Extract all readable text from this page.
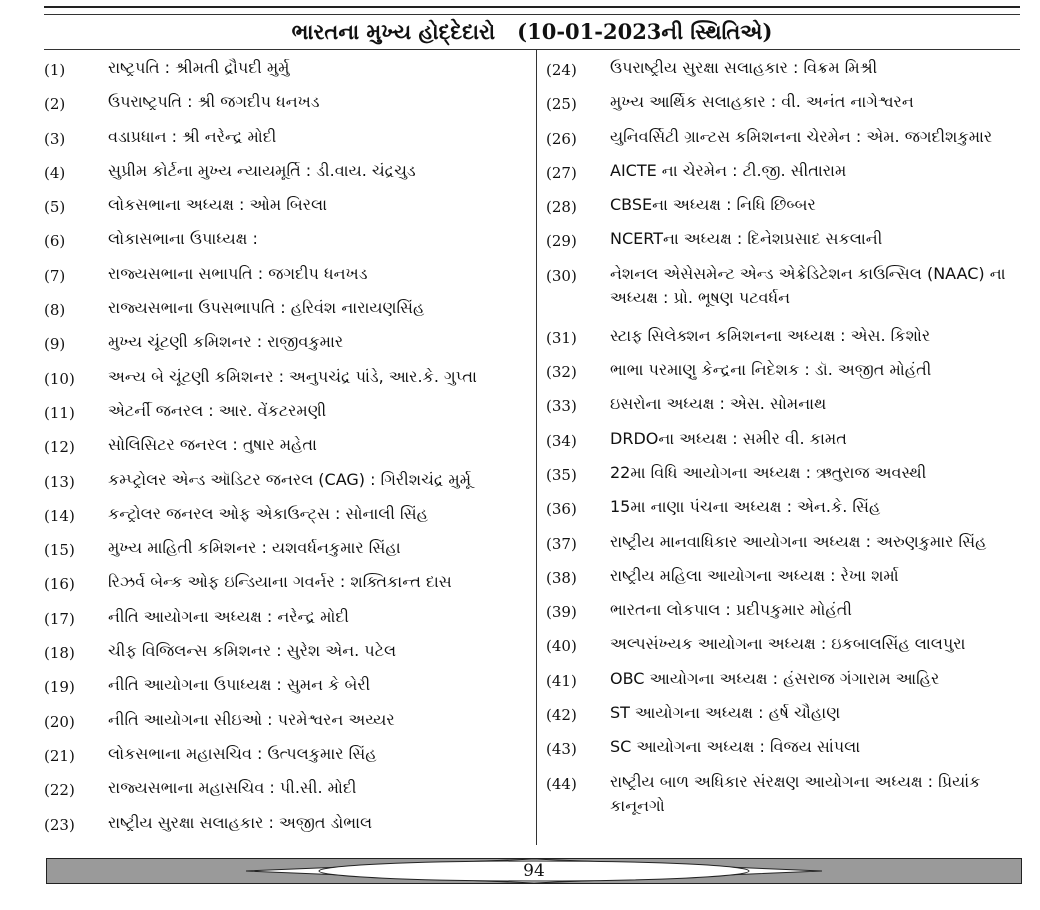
ભારતના મુખ્ય હોદ્દેદારો (10-01-2023ની સ્થિતિએ)
(1)	રાષ્ટ્રપતિ : શ્રીમતી દ્રૌપદી મુર્મુ
(2)	ઉપરાષ્ટ્રપતિ : શ્રી જગદીપ ધનખડ
(3)	વડાપ્રધાન : શ્રી નરેન્દ્ર મોદી
(4)	સુપ્રીમ કોર્ટના મુખ્ય ન્યાયમૂર્તિ : ડી.વાય. ચંદ્રચુડ
(5)	લોકસભાના અધ્યક્ષ : ઓમ બિરલા
(6)	લોકાસભાના ઉપાધ્યક્ષ :
(7)	રાજ્યસભાના સભાપતિ : જગદીપ ધનખડ
(8)	રાજ્યસભાના ઉપસભાપતિ : હરિવંશ નારાયણસિંહ
(9)	મુખ્ય ચૂંટણી કમિશનર : રાજીવકુમાર
(10)	અન્ય બે ચૂંટણી કમિશનર : અનુપચંદ્ર પાંડે, આર.કે. ગુપ્તા
(11)	એટર્ની જનરલ : આર. વેંકટરમણી
(12)	સોલિસિટર જનરલ : તુષાર મહેતા
(13)	કમ્પ્ટ્રોલર એન્ડ ઑડિટર જનરલ (CAG) : ગિરીશચંદ્ર મુર્મૂ
(14)	કન્ટ્રોલર જનરલ ઓફ એકાઉન્ટ્સ : સોનાલી સિંહ
(15)	મુખ્ય માહિતી કમિશનર : યશવર્ધનકુમાર સિંહા
(16)	રિઝર્વ બેન્ક ઓફ ઇન્ડિયાના ગવર્નર : શક્તિકાન્ત દાસ
(17)	નીતિ આયોગના અધ્યક્ષ : નરેન્દ્ર મોદી
(18)	ચીફ વિજિલન્સ કમિશનર : સુરેશ એન. પટેલ
(19)	નીતિ આયોગના ઉપાધ્યક્ષ : સુમન કે બેરી
(20)	નીતિ આયોગના સીઇઓ : પરમેશ્વરન અય્યર
(21)	લોકસભાના મહાસચિવ : ઉત્પલકુમાર સિંહ
(22)	રાજ્યસભાના મહાસચિવ : પી.સી. મોદી
(23)	રાષ્ટ્રીય સુરક્ષા સલાહકાર : અજીત ડોભાલ
(24)	ઉપરાષ્ટ્રીય સુરક્ષા સલાહકાર : વિક્રમ મિશ્રી
(25)	મુખ્ય આર્થિક સલાહકાર : વી. અનંત નાગેશ્વરન
(26)	યુનિવર્સિટી ગ્રાન્ટસ કમિશનના ચેરમેન : એમ. જગદીશકુમાર
(27)	AICTE ના ચેરમેન : ટી.જી. સીતારામ
(28)	CBSEના અધ્યક્ષ : નિધિ છિબ્બર
(29)	NCERTના અધ્યક્ષ : દિનેશપ્રસાદ સકલાની
(30)	નેશનલ એસેસમેન્ટ એન્ડ એક્રેડિટેશન કાઉન્સિલ (NAAC) ના અધ્યક્ષ : પ્રો. ભૂષણ પટવર્ધન
(31)	સ્ટાફ સિલેક્શન કમિશનના અધ્યક્ષ : એસ. કિશોર
(32)	ભાભા પરમાણુ કેન્દ્રના નિદેશક : ડૉ. અજીત મોહંતી
(33)	ઇસરોના અધ્યક્ષ : એસ. સોમનાથ
(34)	DRDOના અધ્યક્ષ : સમીર વી. કામત
(35)	22મા વિધિ આયોગના અધ્યક્ષ : ઋતુરાજ અવસ્થી
(36)	15મા નાણા પંચના અધ્યક્ષ : એન.કે. સિંહ
(37)	રાષ્ટ્રીય માનવાધિકાર આયોગના અધ્યક્ષ : અરુણકુમાર સિંહ
(38)	રાષ્ટ્રીય મહિલા આયોગના અધ્યક્ષ : રેખા શર્મા
(39)	ભારતના લોકપાલ : પ્રદીપકુમાર મોહંતી
(40)	અલ્પસંખ્યક આયોગના અધ્યક્ષ : ઇકબાલસિંહ લાલપુરા
(41)	OBC આયોગના અધ્યક્ષ : હંસરાજ ગંગારામ આહિર
(42)	ST આયોગના અધ્યક્ષ : હર્ષ ચૌહાણ
(43)	SC આયોગના અધ્યક્ષ : વિજય સાંપલા
(44)	રાષ્ટ્રીય બાળ અધિકાર સંરક્ષણ આયોગના અધ્યક્ષ : પ્રિયાંક કાનૂનગો
94
